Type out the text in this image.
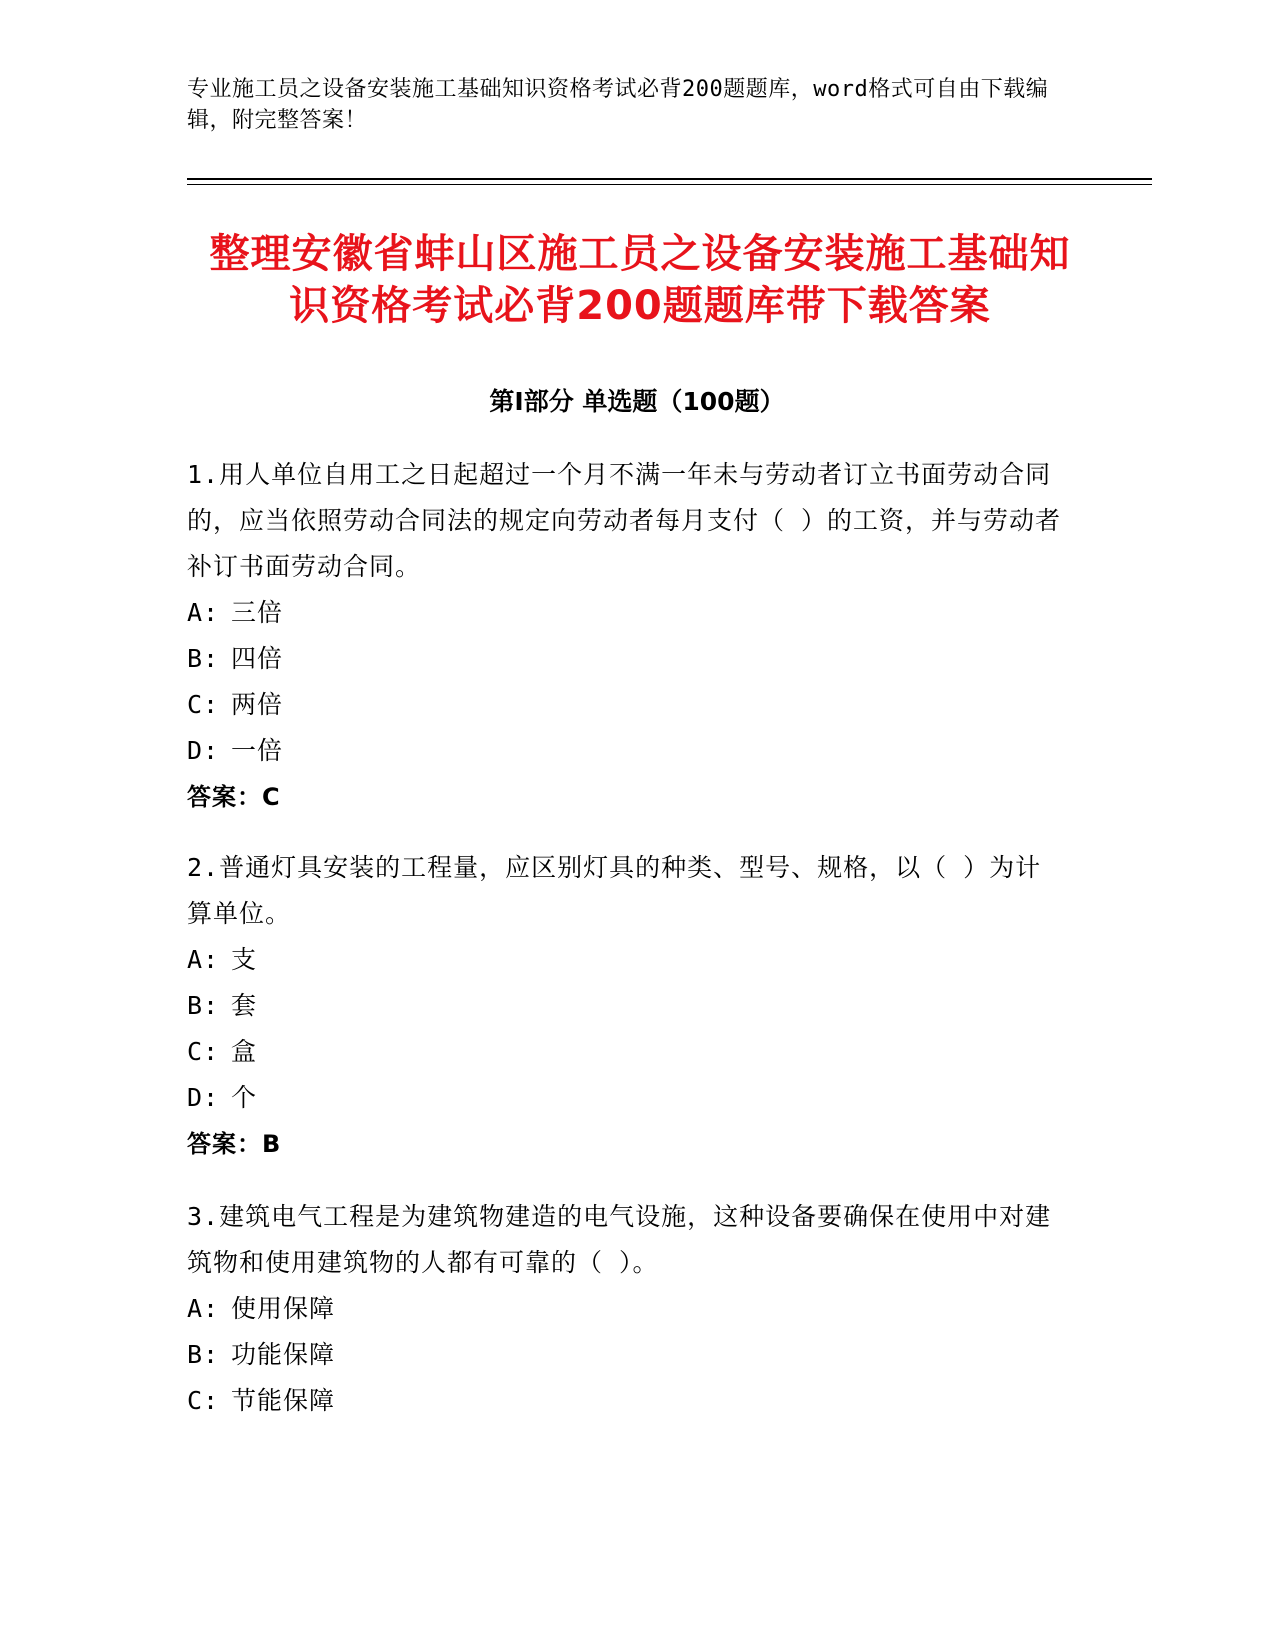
专业施工员之设备安装施工基础知识资格考试必背200题题库，word格式可自由下载编辑，附完整答案！
整理安徽省蚌山区施工员之设备安装施工基础知识资格考试必背200题题库带下载答案
第Ⅰ部分 单选题（100题）
1.用人单位自用工之日起超过一个月不满一年未与劳动者订立书面劳动合同的，应当依照劳动合同法的规定向劳动者每月支付（ ）的工资，并与劳动者补订书面劳动合同。
A: 三倍
B: 四倍
C: 两倍
D: 一倍
答案：C
2.普通灯具安装的工程量，应区别灯具的种类、型号、规格，以（ ）为计算单位。
A: 支
B: 套
C: 盒
D: 个
答案：B
3.建筑电气工程是为建筑物建造的电气设施，这种设备要确保在使用中对建筑物和使用建筑物的人都有可靠的（ ）。
A: 使用保障
B: 功能保障
C: 节能保障
